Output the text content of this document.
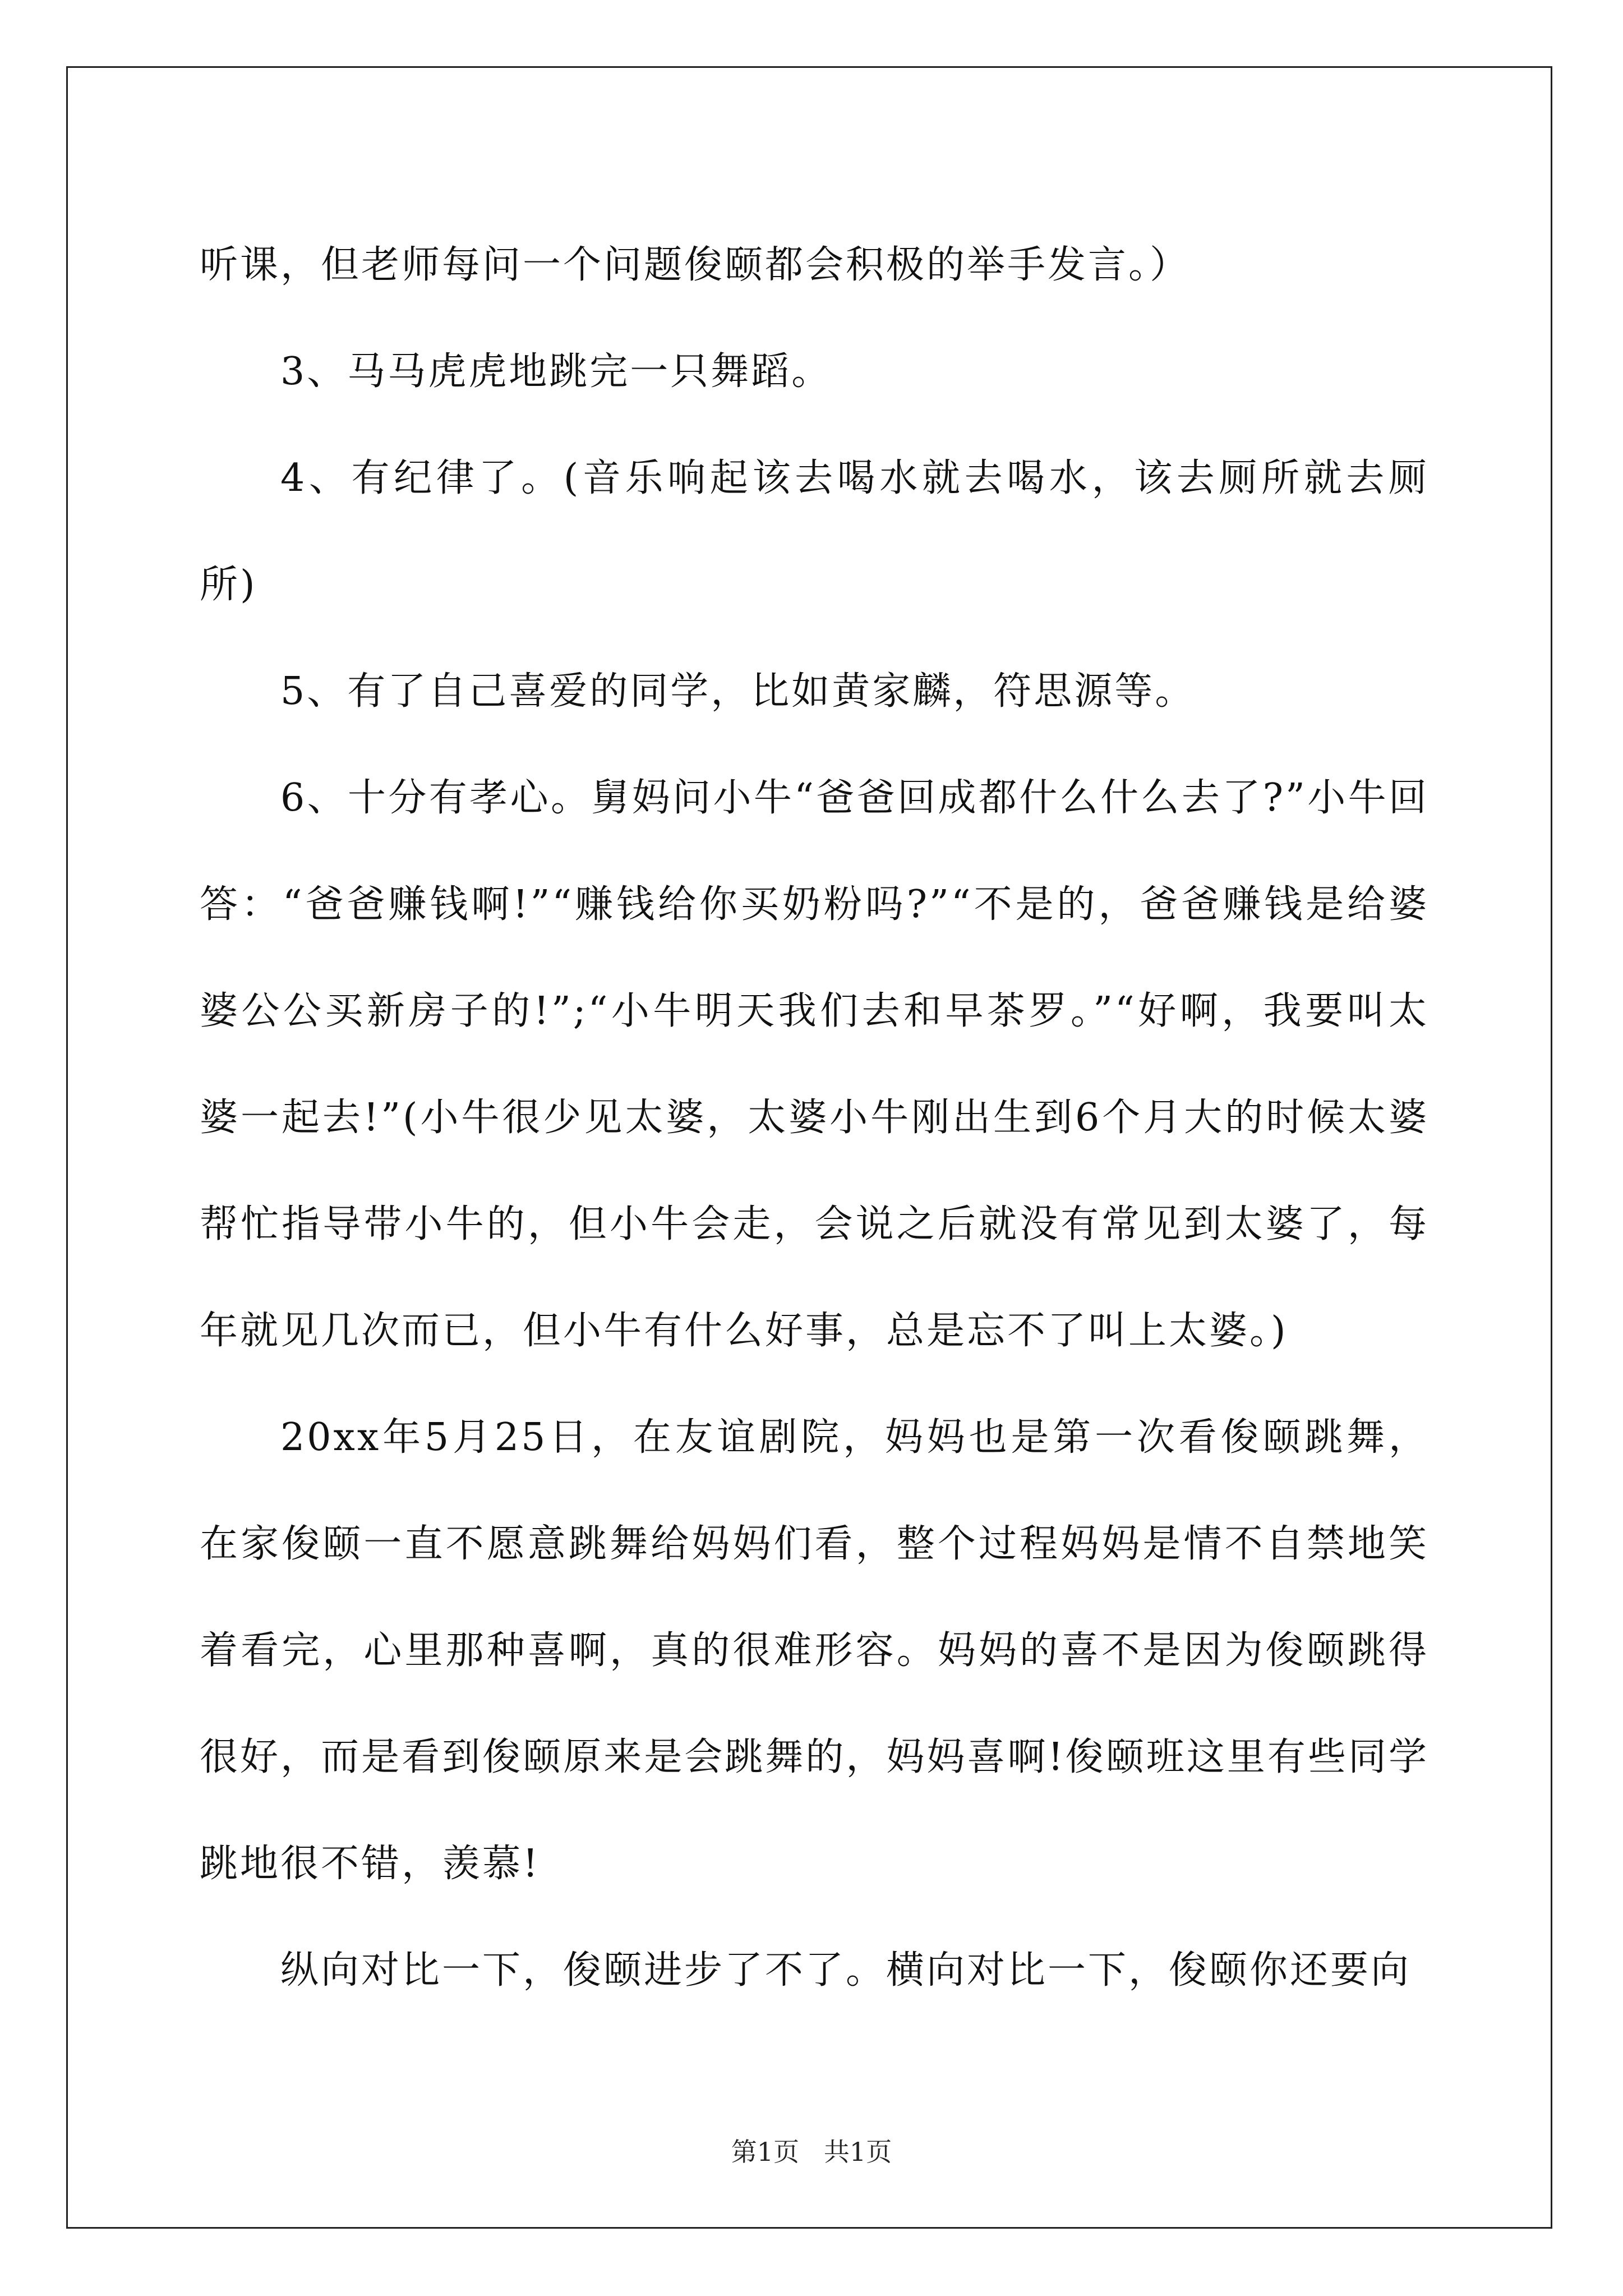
听课，但老师每问一个问题俊颐都会积极的举手发言。）

3、马马虎虎地跳完一只舞蹈。

4、有纪律了。(音乐响起该去喝水就去喝水，该去厕所就去厕所)

5、有了自己喜爱的同学，比如黄家麟，符思源等。

6、十分有孝心。舅妈问小牛“爸爸回成都什么什么去了?”小牛回答：“爸爸赚钱啊!”“赚钱给你买奶粉吗?”“不是的，爸爸赚钱是给婆婆公公买新房子的!”;“小牛明天我们去和早茶罗。”“好啊，我要叫太婆一起去!”(小牛很少见太婆，太婆小牛刚出生到6个月大的时候太婆帮忙指导带小牛的，但小牛会走，会说之后就没有常见到太婆了，每年就见几次而已，但小牛有什么好事，总是忘不了叫上太婆。)

20xx年5月25日，在友谊剧院，妈妈也是第一次看俊颐跳舞，在家俊颐一直不愿意跳舞给妈妈们看，整个过程妈妈是情不自禁地笑着看完，心里那种喜啊，真的很难形容。妈妈的喜不是因为俊颐跳得很好，而是看到俊颐原来是会跳舞的，妈妈喜啊!俊颐班这里有些同学跳地很不错，羡慕!

纵向对比一下，俊颐进步了不了。横向对比一下，俊颐你还要向

第1页   共1页
